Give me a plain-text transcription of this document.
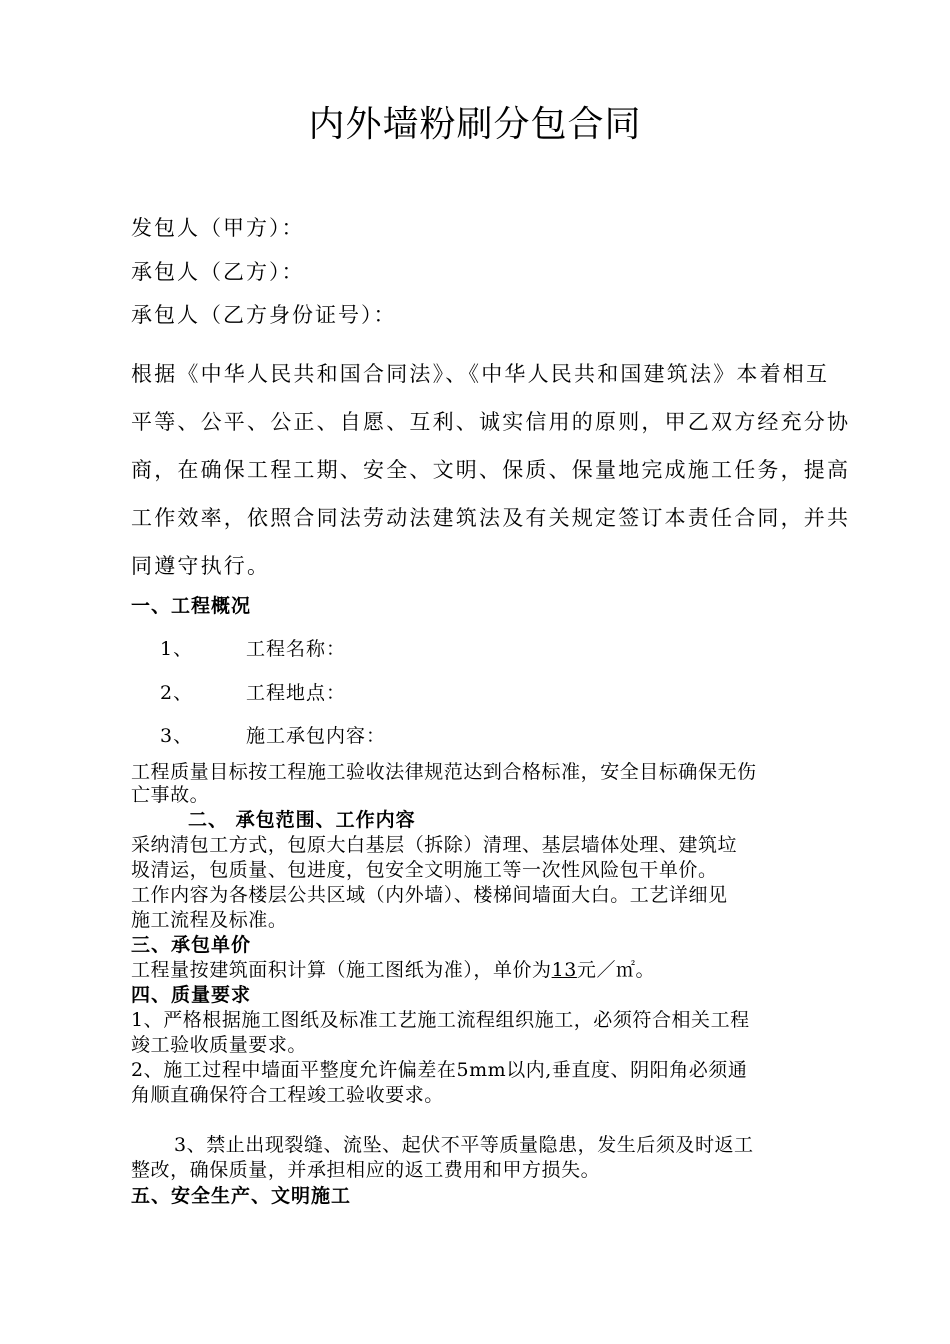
内外墙粉刷分包合同
发包人（甲方）：
承包人（乙方）：
承包人（乙方身份证号）：
根据《中华人民共和国合同法》、《中华人民共和国建筑法》本着相互
平等、公平、公正、自愿、互利、诚实信用的原则，甲乙双方经充分协
商，在确保工程工期、安全、文明、保质、保量地完成施工任务，提高
工作效率，依照合同法劳动法建筑法及有关规定签订本责任合同，并共
同遵守执行。
一、工程概况
1、	工程名称：
2、	工程地点：
3、	施工承包内容：
工程质量目标按工程施工验收法律规范达到合格标准，安全目标确保无伤
亡事故。
二、 承包范围、工作内容
采纳清包工方式，包原大白基层（拆除）清理、基层墙体处理、建筑垃
圾清运，包质量、包进度，包安全文明施工等一次性风险包干单价。
工作内容为各楼层公共区域（内外墙）、楼梯间墙面大白。工艺详细见
施工流程及标准。
三、承包单价
工程量按建筑面积计算（施工图纸为准），单价为13元／㎡。
四、质量要求
1、严格根据施工图纸及标准工艺施工流程组织施工，必须符合相关工程
竣工验收质量要求。
2、施工过程中墙面平整度允许偏差在5mm以内,垂直度、阴阳角必须通
角顺直确保符合工程竣工验收要求。
3、禁止出现裂缝、流坠、起伏不平等质量隐患，发生后须及时返工
整改，确保质量，并承担相应的返工费用和甲方损失。
五、安全生产、文明施工
